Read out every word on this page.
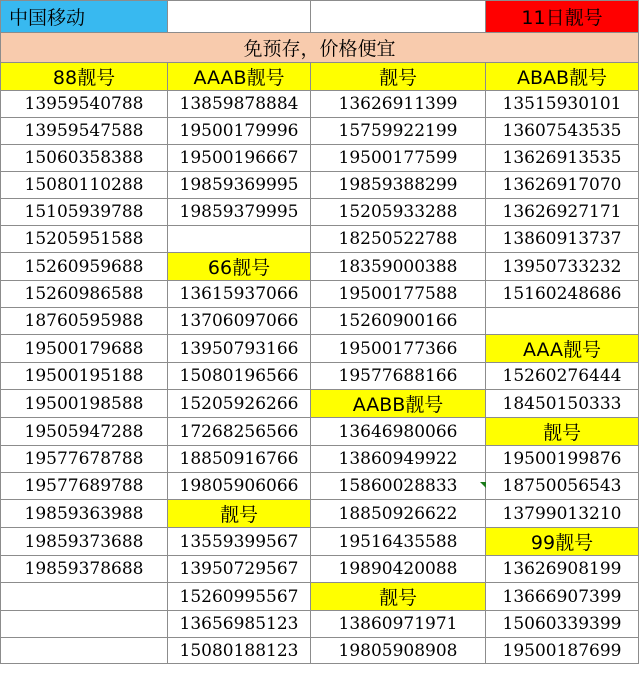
中国移动			11日靓号
免预存，价格便宜			
88靓号	AAAB靓号	靓号	ABAB靓号
13959540788	13859878884	13626911399	13515930101
13959547588	19500179996	15759922199	13607543535
15060358388	19500196667	19500177599	13626913535
15080110288	19859369995	19859388299	13626917070
15105939788	19859379995	15205933288	13626927171
15205951588		18250522788	13860913737
15260959688	66靓号	18359000388	13950733232
15260986588	13615937066	19500177588	15160248686
18760595988	13706097066	15260900166	
19500179688	13950793166	19500177366	AAA靓号
19500195188	15080196566	19577688166	15260276444
19500198588	15205926266	AABB靓号	18450150333
19505947288	17268256566	13646980066	靓号
19577678788	18850916766	13860949922	19500199876
19577689788	19805906066	15860028833	18750056543
19859363988	靓号	18850926622	13799013210
19859373688	13559399567	19516435588	99靓号
19859378688	13950729567	19890420088	13626908199
	15260995567	靓号	13666907399
	13656985123	13860971971	15060339399
	15080188123	19805908908	19500187699
